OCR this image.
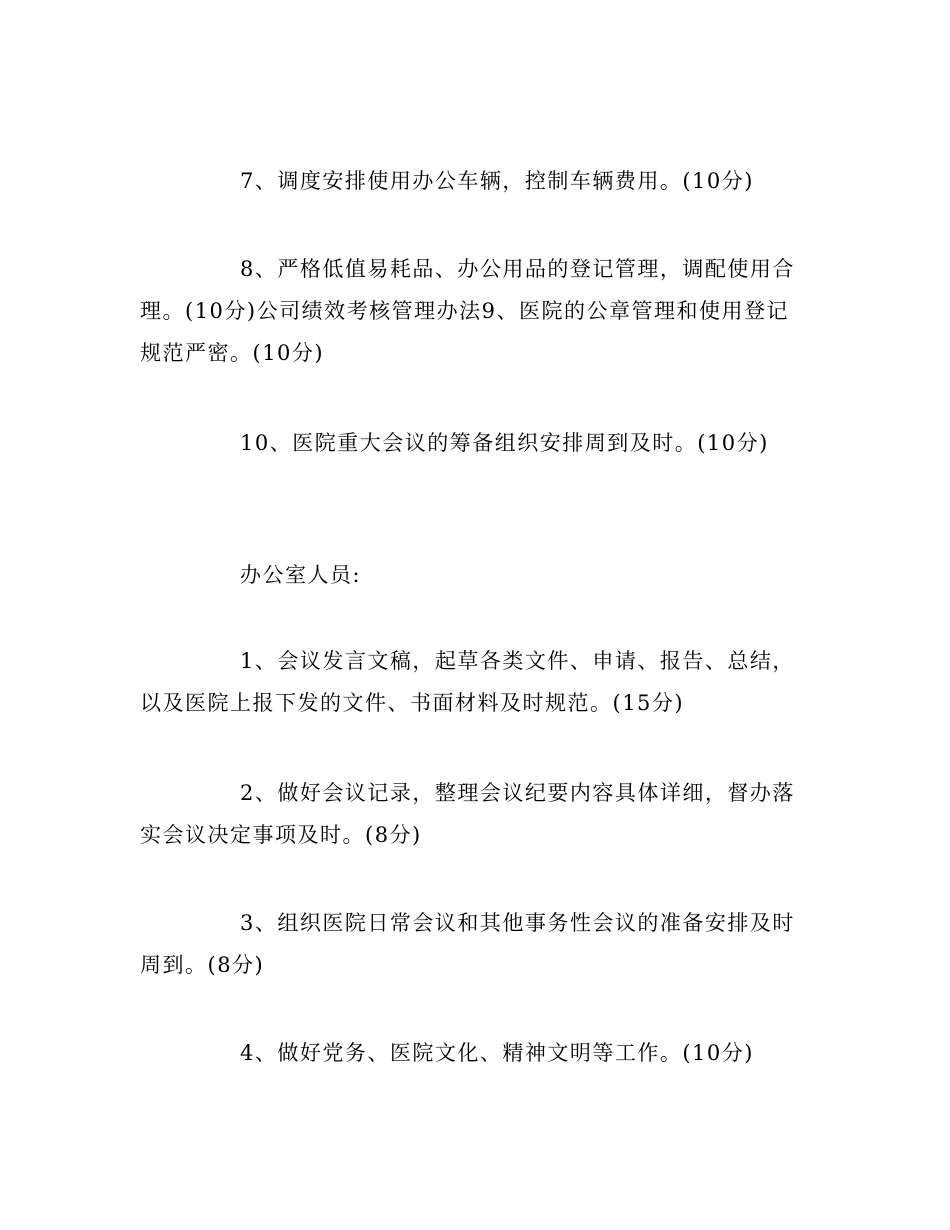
7、调度安排使用办公车辆，控制车辆费用。(10分)

8、严格低值易耗品、办公用品的登记管理，调配使用合理。(10分)公司绩效考核管理办法9、医院的公章管理和使用登记规范严密。(10分)

10、医院重大会议的筹备组织安排周到及时。(10分)

办公室人员:

1、会议发言文稿，起草各类文件、申请、报告、总结， 以及医院上报下发的文件、书面材料及时规范。(15分)

2、做好会议记录，整理会议纪要内容具体详细，督办落实会议决定事项及时。(8分)

3、组织医院日常会议和其他事务性会议的准备安排及时周到。(8分)

4、做好党务、医院文化、精神文明等工作。(10分)
